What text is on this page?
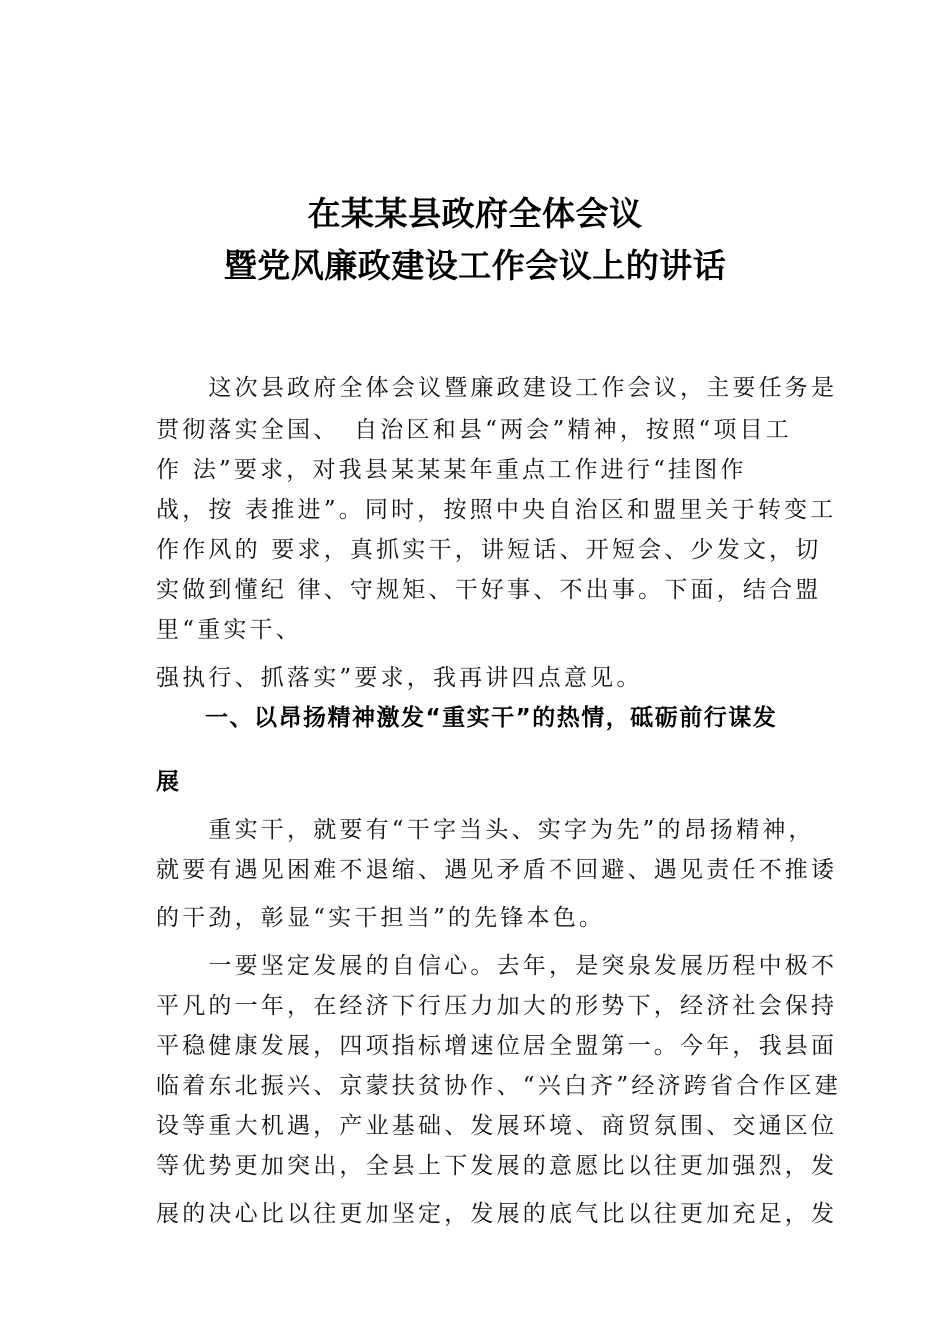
在某某县政府全体会议
暨党风廉政建设工作会议上的讲话
　　这次县政府全体会议暨廉政建设工作会议，主要任务是
贯彻落实全国、　自治区和县“两会”精神，按照“项目工
作 法”要求，对我县某某某年重点工作进行“挂图作
战，按 表推进”。同时，按照中央自治区和盟里关于转变工
作作风的 要求，真抓实干，讲短话、开短会、少发文，切
实做到懂纪 律、守规矩、干好事、不出事。下面，结合盟
里“重实干、
强执行、抓落实”要求，我再讲四点意见。
　　一、以昂扬精神激发“重实干”的热情，砥砺前行谋发
展
　　重实干，就要有“干字当头、实字为先”的昂扬精神，
就要有遇见困难不退缩、遇见矛盾不回避、遇见责任不推诿
的干劲，彰显“实干担当”的先锋本色。
　　一要坚定发展的自信心。去年，是突泉发展历程中极不
平凡的一年，在经济下行压力加大的形势下，经济社会保持
平稳健康发展，四项指标增速位居全盟第一。今年，我县面
临着东北振兴、京蒙扶贫协作、“兴白齐”经济跨省合作区建
设等重大机遇，产业基础、发展环境、商贸氛围、交通区位
等优势更加突出，全县上下发展的意愿比以往更加强烈，发
展的决心比以往更加坚定，发展的底气比以往更加充足，发
